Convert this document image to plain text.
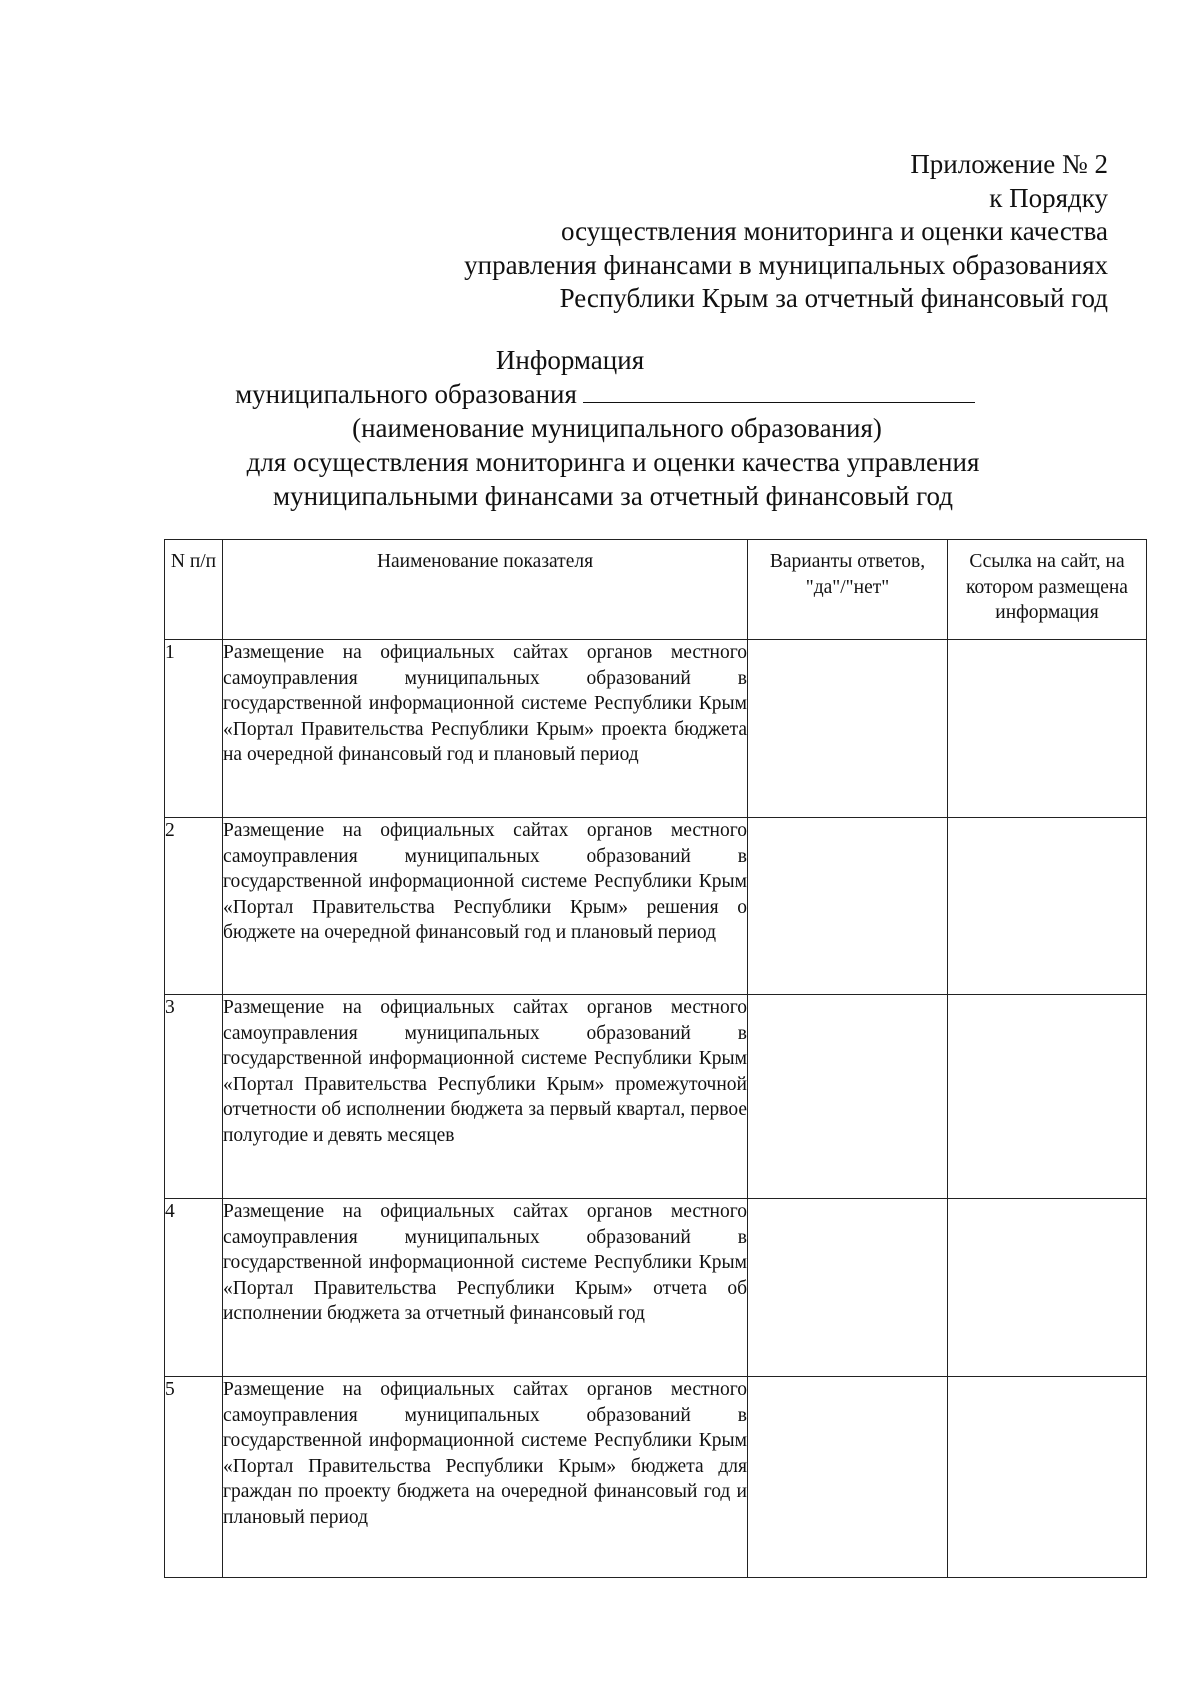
Приложение № 2
к Порядку
осуществления мониторинга и оценки качества
управления финансами в муниципальных образованиях
Республики Крым за отчетный финансовый год
Информация
муниципального образования
(наименование муниципального образования)
для осуществления мониторинга и оценки качества управления
муниципальными финансами за отчетный финансовый год
N п/п	Наименование показателя	Варианты ответов, "да"/"нет"	Ссылка на сайт, на котором размещена информация
1	Размещение на официальных сайтах органов местного самоуправления муниципальных образований в государственной информационной системе Республики Крым «Портал Правительства Республики Крым» проекта бюджета на очередной финансовый год и плановый период		
2	Размещение на официальных сайтах органов местного самоуправления муниципальных образований в государственной информационной системе Республики Крым «Портал Правительства Республики Крым» решения о бюджете на очередной финансовый год и плановый период		
3	Размещение на официальных сайтах органов местного самоуправления муниципальных образований в государственной информационной системе Республики Крым «Портал Правительства Республики Крым» промежуточной отчетности об исполнении бюджета за первый квартал, первое полугодие и девять месяцев		
4	Размещение на официальных сайтах органов местного самоуправления муниципальных образований в государственной информационной системе Республики Крым «Портал Правительства Республики Крым» отчета об исполнении бюджета за отчетный финансовый год		
5	Размещение на официальных сайтах органов местного самоуправления муниципальных образований в государственной информационной системе Республики Крым «Портал Правительства Республики Крым» бюджета для граждан по проекту бюджета на очередной финансовый год и плановый период		
